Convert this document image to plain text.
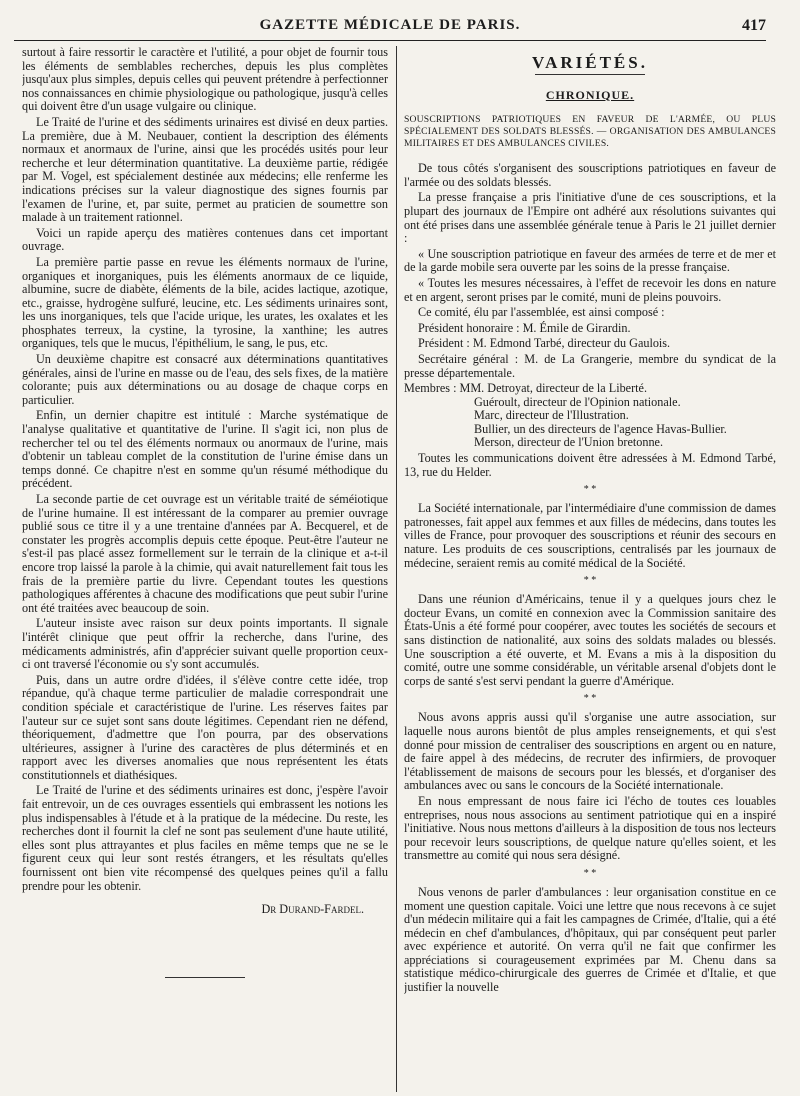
GAZETTE MÉDICALE DE PARIS.	417

surtout à faire ressortir le caractère et l'utilité, a pour objet de fournir tous les éléments de semblables recherches, depuis les plus complètes jusqu'aux plus simples, depuis celles qui peuvent prétendre à perfectionner nos connaissances en chimie physiologique ou pathologique, jusqu'à celles qui doivent être d'un usage vulgaire ou clinique.

Le Traité de l'urine et des sédiments urinaires est divisé en deux parties. La première, due à M. Neubauer, contient la description des éléments normaux et anormaux de l'urine, ainsi que les procédés usités pour leur recherche et leur détermination quantitative. La deuxième partie, rédigée par M. Vogel, est spécialement destinée aux médecins; elle renferme les indications précises sur la valeur diagnostique des signes fournis par l'examen de l'urine, et, par suite, permet au praticien de soumettre son malade à un traitement rationnel.

Voici un rapide aperçu des matières contenues dans cet important ouvrage.

La première partie passe en revue les éléments normaux de l'urine, organiques et inorganiques, puis les éléments anormaux de ce liquide, albumine, sucre de diabète, éléments de la bile, acides lactique, azotique, etc., graisse, hydrogène sulfuré, leucine, etc. Les sédiments urinaires sont, les uns inorganiques, tels que l'acide urique, les urates, les oxalates et les phosphates terreux, la cystine, la tyrosine, la xanthine; les autres organiques, tels que le mucus, l'épithélium, le sang, le pus, etc.

Un deuxième chapitre est consacré aux déterminations quantitatives générales, ainsi de l'urine en masse ou de l'eau, des sels fixes, de la matière colorante; puis aux déterminations ou au dosage de chaque corps en particulier.

Enfin, un dernier chapitre est intitulé : Marche systématique de l'analyse qualitative et quantitative de l'urine. Il s'agit ici, non plus de rechercher tel ou tel des éléments normaux ou anormaux de l'urine, mais d'obtenir un tableau complet de la constitution de l'urine émise dans un temps donné. Ce chapitre n'est en somme qu'un résumé méthodique du précédent.

La seconde partie de cet ouvrage est un véritable traité de séméiotique de l'urine humaine. Il est intéressant de la comparer au premier ouvrage publié sous ce titre il y a une trentaine d'années par A. Becquerel, et de constater les progrès accomplis depuis cette époque. Peut-être l'auteur ne s'est-il pas placé assez formellement sur le terrain de la clinique et a-t-il encore trop laissé la parole à la chimie, qui avait naturellement fait tous les frais de la première partie du livre. Cependant toutes les questions pathologiques afférentes à chacune des modifications que peut subir l'urine ont été traitées avec beaucoup de soin.

L'auteur insiste avec raison sur deux points importants. Il signale l'intérêt clinique que peut offrir la recherche, dans l'urine, des médicaments administrés, afin d'apprécier suivant quelle proportion ceux-ci ont traversé l'économie ou s'y sont accumulés.

Puis, dans un autre ordre d'idées, il s'élève contre cette idée, trop répandue, qu'à chaque terme particulier de maladie correspondrait une condition spéciale et caractéristique de l'urine. Les réserves faites par l'auteur sur ce sujet sont sans doute légitimes. Cependant rien ne défend, théoriquement, d'admettre que l'on pourra, par des observations ultérieures, assigner à l'urine des caractères de plus déterminés et en rapport avec les diverses anomalies que nous représentent les états constitutionnels et diathésiques.

Le Traité de l'urine et des sédiments urinaires est donc, j'espère l'avoir fait entrevoir, un de ces ouvrages essentiels qui embrassent les notions les plus indispensables à l'étude et à la pratique de la médecine. Du reste, les recherches dont il fournit la clef ne sont pas seulement d'une haute utilité, elles sont plus attrayantes et plus faciles en même temps que ne se le figurent ceux qui leur sont restés étrangers, et les résultats qu'elles fournissent ont bien vite récompensé des quelques peines qu'il a fallu prendre pour les obtenir.

Dr Durand-Fardel.

VARIÉTÉS.
CHRONIQUE.

SOUSCRIPTIONS PATRIOTIQUES EN FAVEUR DE L'ARMÉE, OU PLUS SPÉCIALEMENT DES SOLDATS BLESSÉS. — ORGANISATION DES AMBULANCES MILITAIRES ET DES AMBULANCES CIVILES.

De tous côtés s'organisent des souscriptions patriotiques en faveur de l'armée ou des soldats blessés.

La presse française a pris l'initiative d'une de ces souscriptions, et la plupart des journaux de l'Empire ont adhéré aux résolutions suivantes qui ont été prises dans une assemblée générale tenue à Paris le 21 juillet dernier :

« Une souscription patriotique en faveur des armées de terre et de mer et de la garde mobile sera ouverte par les soins de la presse française.

« Toutes les mesures nécessaires, à l'effet de recevoir les dons en nature et en argent, seront prises par le comité, muni de pleins pouvoirs.

Ce comité, élu par l'assemblée, est ainsi composé :

Président honoraire : M. Émile de Girardin.

Président : M. Edmond Tarbé, directeur du Gaulois.

Secrétaire général : M. de La Grangerie, membre du syndicat de la presse départementale.

Membres : MM. Detroyat, directeur de la Liberté.
Guéroult, directeur de l'Opinion nationale.
Marc, directeur de l'Illustration.
Bullier, un des directeurs de l'agence Havas-Bullier.
Merson, directeur de l'Union bretonne.

Toutes les communications doivent être adressées à M. Edmond Tarbé, 13, rue du Helder.

* *

La Société internationale, par l'intermédiaire d'une commission de dames patronesses, fait appel aux femmes et aux filles de médecins, dans toutes les villes de France, pour provoquer des souscriptions et réunir des secours en nature. Les produits de ces souscriptions, centralisés par les journaux de médecine, seraient remis au comité médical de la Société.

* *

Dans une réunion d'Américains, tenue il y a quelques jours chez le docteur Evans, un comité en connexion avec la Commission sanitaire des États-Unis a été formé pour coopérer, avec toutes les sociétés de secours et sans distinction de nationalité, aux soins des soldats malades ou blessés. Une souscription a été ouverte, et M. Evans a mis à la disposition du comité, outre une somme considérable, un véritable arsenal d'objets dont le corps de santé s'est servi pendant la guerre d'Amérique.

* *

Nous avons appris aussi qu'il s'organise une autre association, sur laquelle nous aurons bientôt de plus amples renseignements, et qui s'est donné pour mission de centraliser des souscriptions en argent ou en nature, de faire appel à des médecins, de recruter des infirmiers, de provoquer l'établissement de maisons de secours pour les blessés, et d'organiser des ambulances avec ou sans le concours de la Société internationale.

En nous empressant de nous faire ici l'écho de toutes ces louables entreprises, nous nous associons au sentiment patriotique qui en a inspiré l'initiative. Nous nous mettons d'ailleurs à la disposition de tous nos lecteurs pour recevoir leurs souscriptions, de quelque nature qu'elles soient, et les transmettre au comité qui nous sera désigné.

* *

Nous venons de parler d'ambulances : leur organisation constitue en ce moment une question capitale. Voici une lettre que nous recevons à ce sujet d'un médecin militaire qui a fait les campagnes de Crimée, d'Italie, qui a été médecin en chef d'ambulances, d'hôpitaux, qui par conséquent peut parler avec expérience et autorité. On verra qu'il ne fait que confirmer les appréciations si courageusement exprimées par M. Chenu dans sa statistique médico-chirurgicale des guerres de Crimée et d'Italie, et que justifier la nouvelle
